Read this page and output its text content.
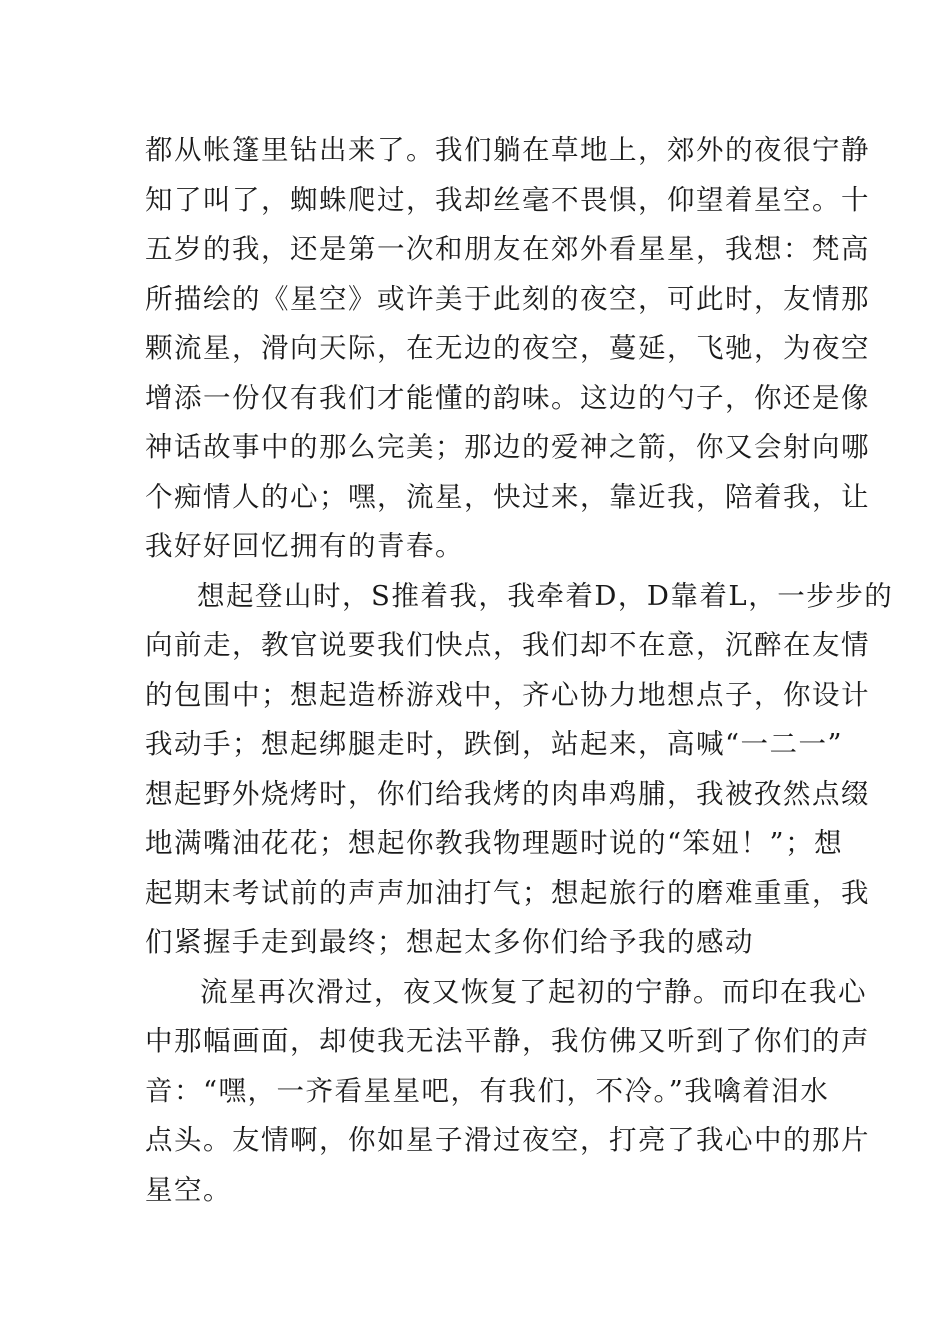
都从帐篷里钻出来了。我们躺在草地上，郊外的夜很宁静
知了叫了，蜘蛛爬过，我却丝毫不畏惧，仰望着星空。十
五岁的我，还是第一次和朋友在郊外看星星，我想：梵高
所描绘的《星空》或许美于此刻的夜空，可此时，友情那
颗流星，滑向天际，在无边的夜空，蔓延，飞驰，为夜空
增添一份仅有我们才能懂的韵味。这边的勺子，你还是像
神话故事中的那么完美；那边的爱神之箭，你又会射向哪
个痴情人的心；嘿，流星，快过来，靠近我，陪着我，让
我好好回忆拥有的青春。
想起登山时，S推着我，我牵着D，D靠着L，一步步的
向前走，教官说要我们快点，我们却不在意，沉醉在友情
的包围中；想起造桥游戏中，齐心协力地想点子，你设计
我动手；想起绑腿走时，跌倒，站起来，高喊“一二一”
想起野外烧烤时，你们给我烤的肉串鸡脯，我被孜然点缀
地满嘴油花花；想起你教我物理题时说的“笨妞！”；想
起期末考试前的声声加油打气；想起旅行的磨难重重，我
们紧握手走到最终；想起太多你们给予我的感动
流星再次滑过，夜又恢复了起初的宁静。而印在我心
中那幅画面，却使我无法平静，我仿佛又听到了你们的声
音：“嘿，一齐看星星吧，有我们，不冷。”我噙着泪水
点头。友情啊，你如星子滑过夜空，打亮了我心中的那片
星空。
